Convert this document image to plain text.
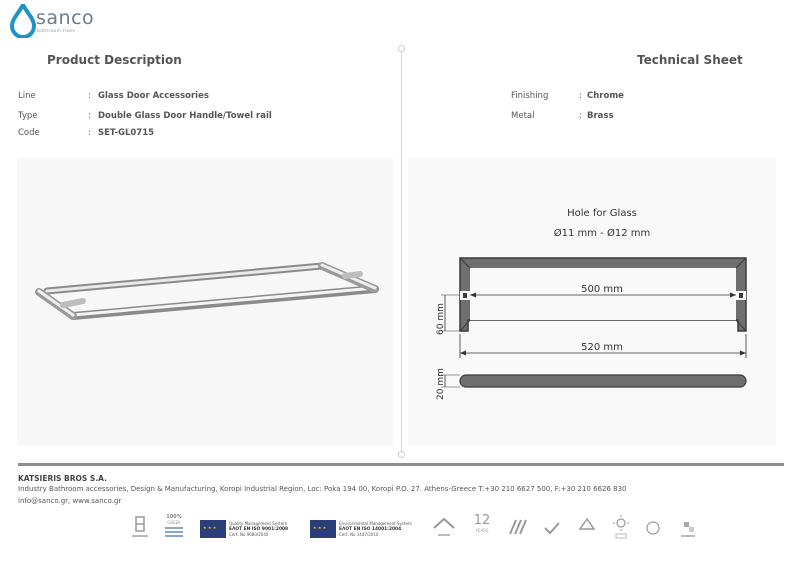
sanco
bathroom fixes
Product Description	Technical Sheet
Line	: Glass Door Accessories
Type	: Double Glass Door Handle/Towel rail
Code	: SET-GL0715
Finishing	: Chrome
Metal	: Brass
Hole for Glass
Ø11 mm - Ø12 mm
500 mm
520 mm
60 mm
20 mm
KATSIERIS BROS S.A.
Industry Bathroom accessories, Design & Manufacturing, Koropi Industrial Region, Loc: Poka 194 00, Koropi P.O. 27. Athens-Greece T:+30 210 6627 500, F:+30 210 6626 830
info@sanco.gr, www.sanco.gr
100%
GREEK
★ ★ ★	Quality Management System
ΕΛΟΤ EN ISO 9001:2008
Cert. No 9080/2040
★ ★ ★
Environmental Management System
ΕΛΟΤ EN ISO 14001:2004
Cert. No 1447/2010
12
YEARS
